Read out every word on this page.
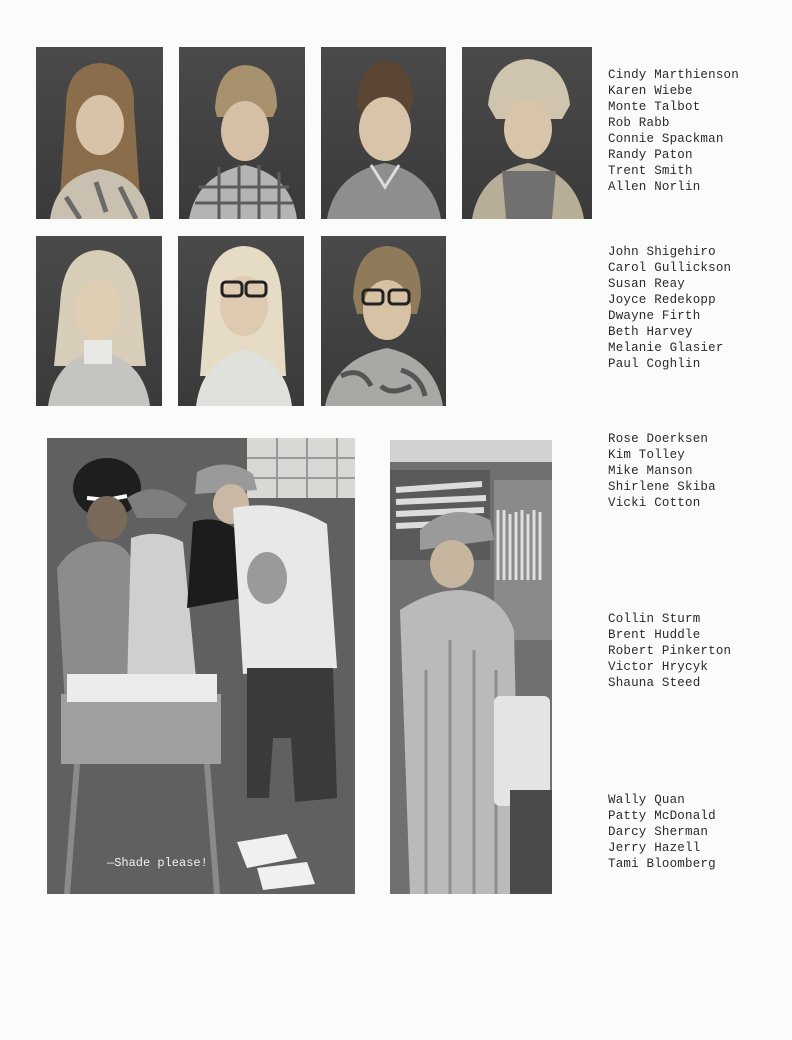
—Shade please!
Cindy Marthienson
Karen Wiebe
Monte Talbot
Rob Rabb
Connie Spackman
Randy Paton
Trent Smith
Allen Norlin
John Shigehiro
Carol Gullickson
Susan Reay
Joyce Redekopp
Dwayne Firth
Beth Harvey
Melanie Glasier
Paul Coghlin
Rose Doerksen
Kim Tolley
Mike Manson
Shirlene Skiba
Vicki Cotton
Collin Sturm
Brent Huddle
Robert Pinkerton
Victor Hrycyk
Shauna Steed
Wally Quan
Patty McDonald
Darcy Sherman
Jerry Hazell
Tami Bloomberg
